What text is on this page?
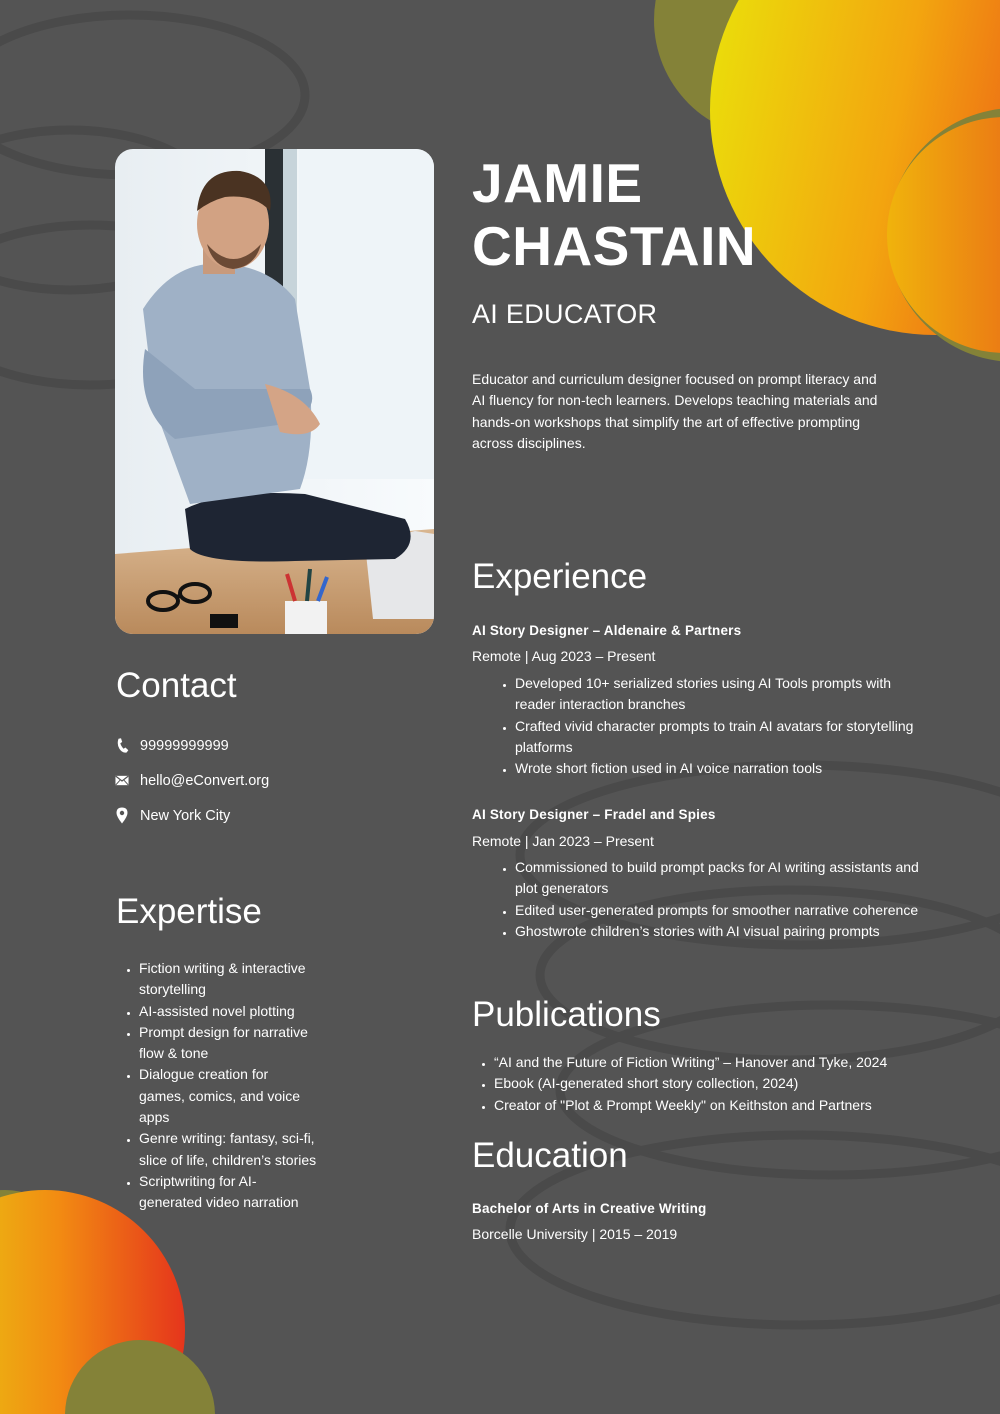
JAMIE
CHASTAIN
AI EDUCATOR

Educator and curriculum designer focused on prompt literacy and AI fluency for non-tech learners. Develops teaching materials and hands-on workshops that simplify the art of effective prompting across disciplines.

Contact
99999999999
hello@eConvert.org
New York City
Expertise
• Fiction writing & interactive storytelling
• AI-assisted novel plotting
• Prompt design for narrative flow & tone
• Dialogue creation for games, comics, and voice apps
• Genre writing: fantasy, sci-fi, slice of life, children’s stories
• Scriptwriting for AI-generated video narration
Experience
AI Story Designer – Aldenaire & Partners
Remote | Aug 2023 – Present
• Developed 10+ serialized stories using AI Tools prompts with reader interaction branches
• Crafted vivid character prompts to train AI avatars for storytelling platforms
• Wrote short fiction used in AI voice narration tools
AI Story Designer – Fradel and Spies
Remote | Jan 2023 – Present
• Commissioned to build prompt packs for AI writing assistants and plot generators
• Edited user-generated prompts for smoother narrative coherence
• Ghostwrote children’s stories with AI visual pairing prompts
Publications
• “AI and the Future of Fiction Writing” – Hanover and Tyke, 2024
• Ebook (AI-generated short story collection, 2024)
• Creator of "Plot & Prompt Weekly" on Keithston and Partners
Education
Bachelor of Arts in Creative Writing
Borcelle University | 2015 – 2019
